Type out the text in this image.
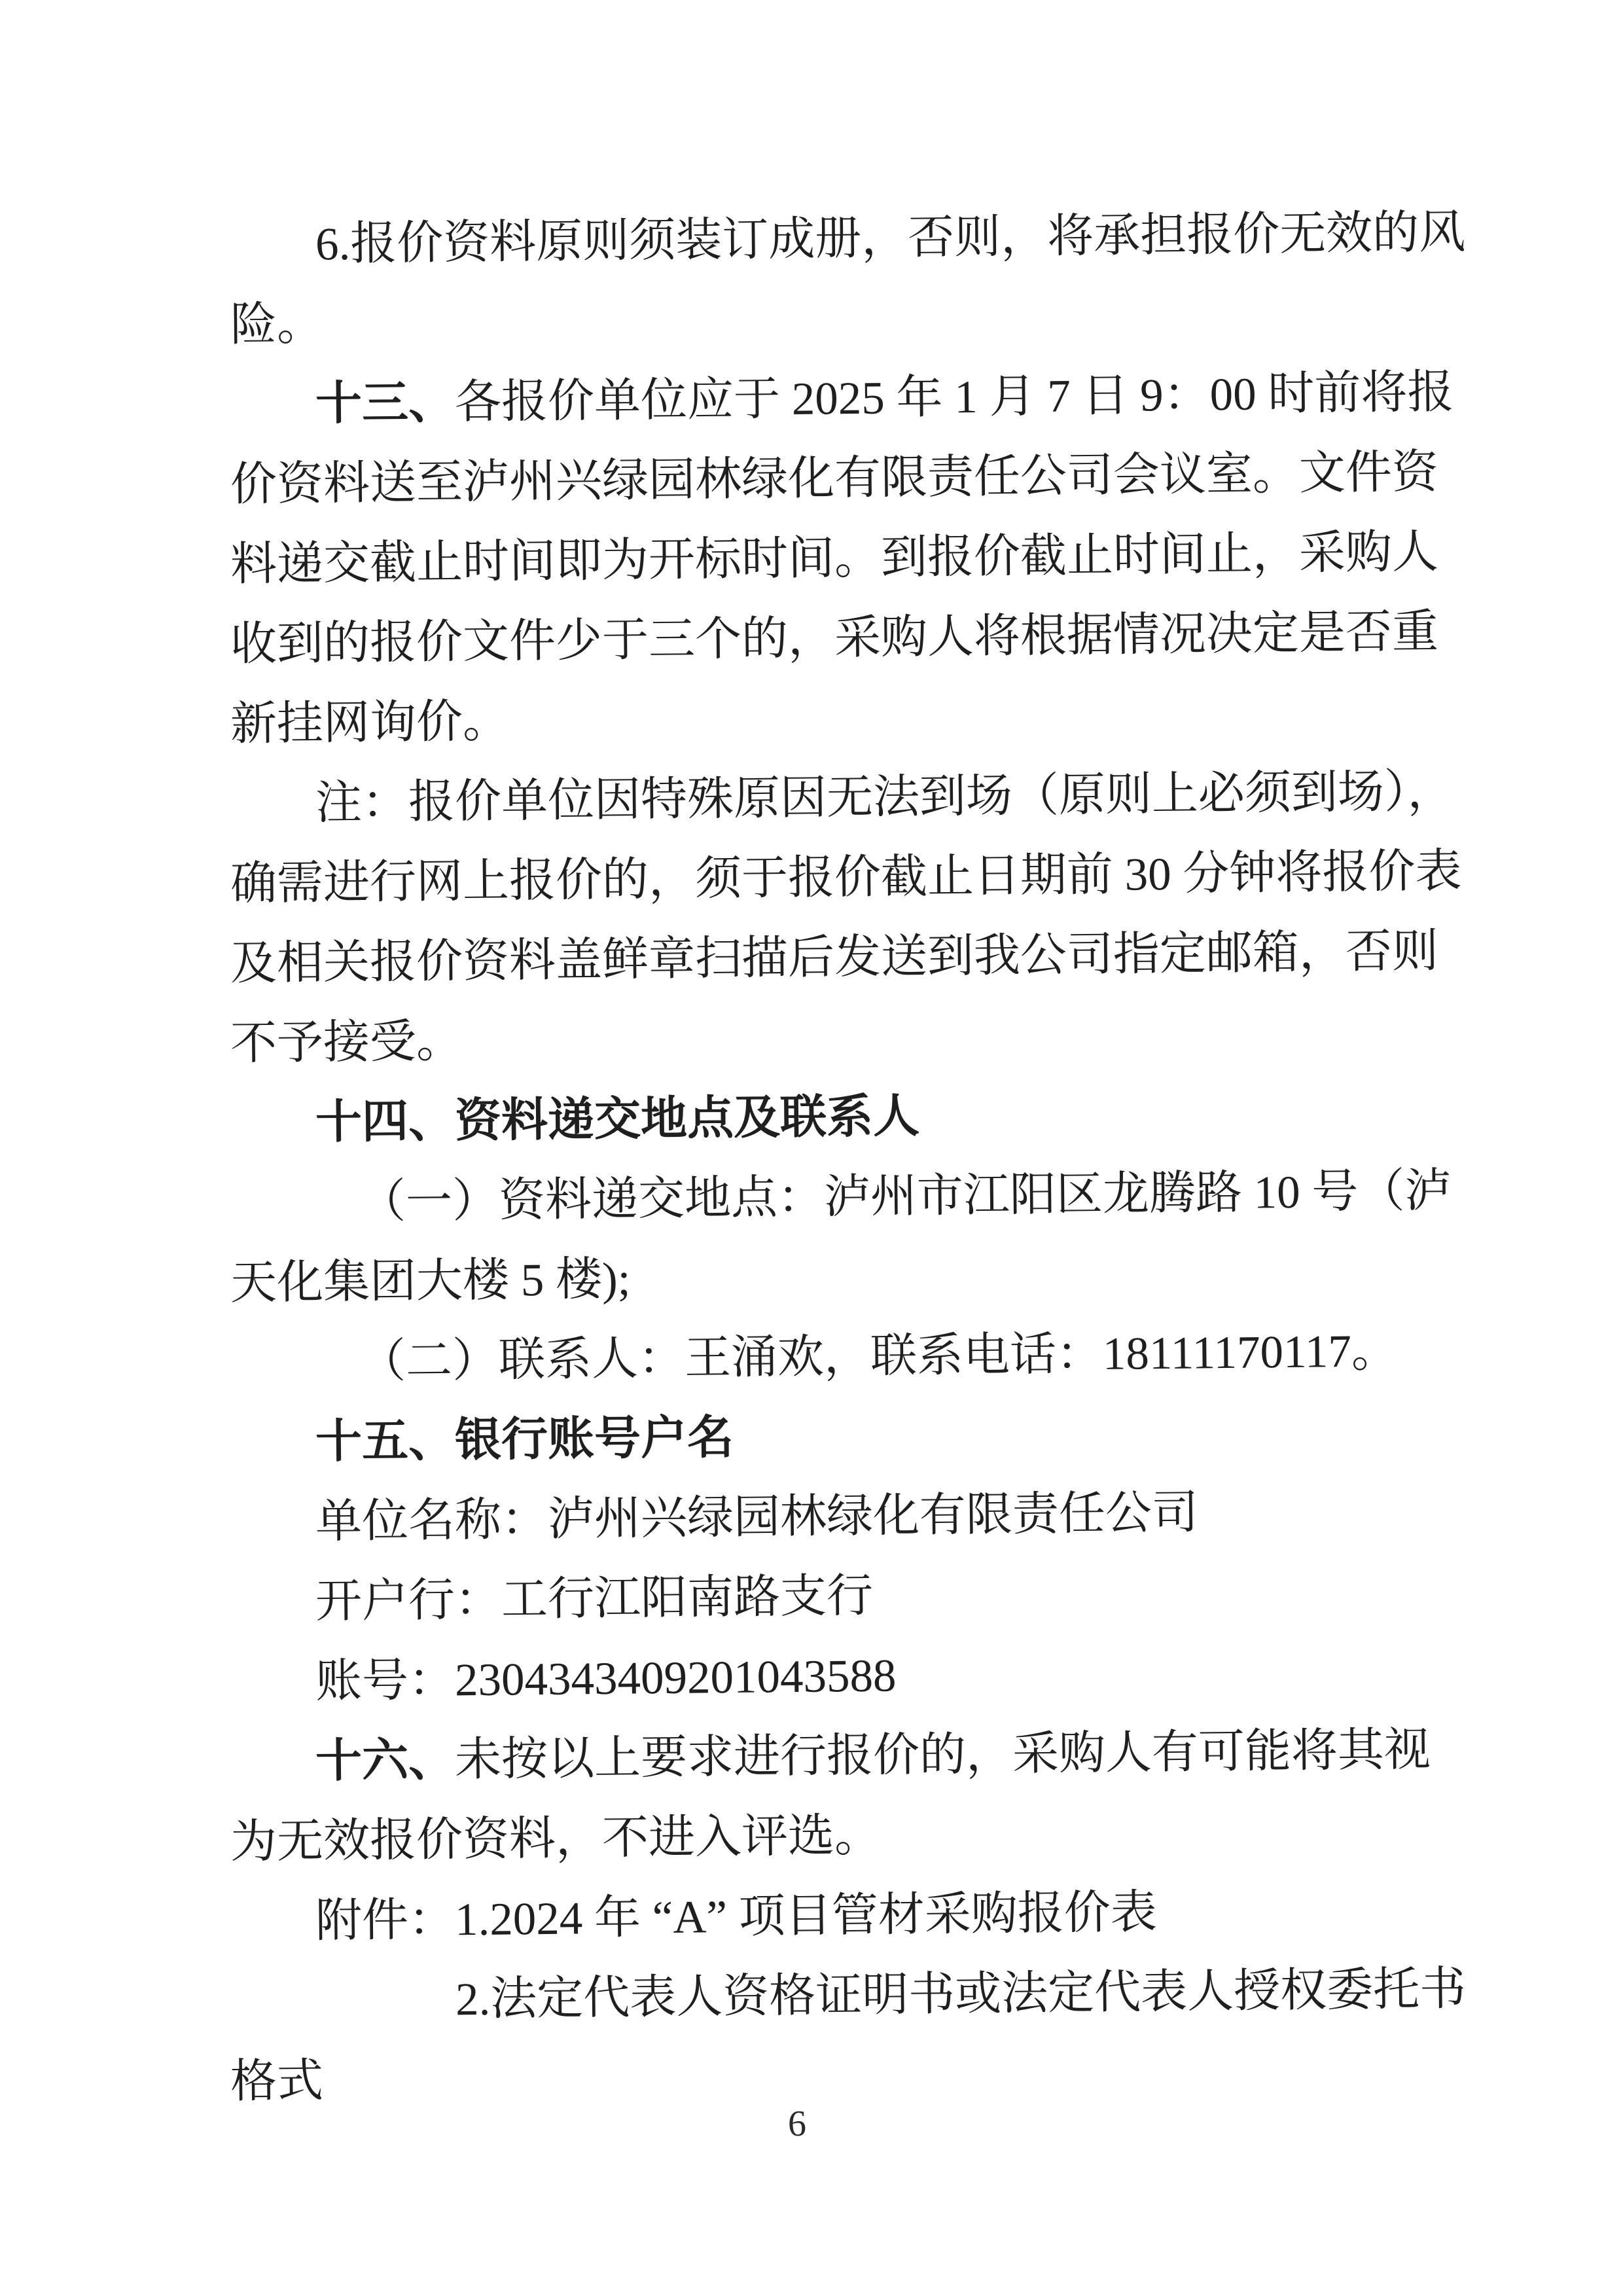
6.报价资料原则须装订成册，否则，将承担报价无效的风
险。
十三、各报价单位应于 2025 年 1 月 7 日 9：00 时前将报
价资料送至泸州兴绿园林绿化有限责任公司会议室。文件资
料递交截止时间即为开标时间。到报价截止时间止，采购人
收到的报价文件少于三个的，采购人将根据情况决定是否重
新挂网询价。
注：报价单位因特殊原因无法到场（原则上必须到场），
确需进行网上报价的，须于报价截止日期前 30 分钟将报价表
及相关报价资料盖鲜章扫描后发送到我公司指定邮箱，否则
不予接受。
十四、资料递交地点及联系人
（一）资料递交地点：泸州市江阳区龙腾路 10 号（泸
天化集团大楼 5 楼);
（二）联系人：王涌欢，联系电话：18111170117。
十五、银行账号户名
单位名称：泸州兴绿园林绿化有限责任公司
开户行：工行江阳南路支行
账号：2304343409201043588
十六、未按以上要求进行报价的，采购人有可能将其视
为无效报价资料，不进入评选。
附件：1.2024 年 “A” 项目管材采购报价表
2.法定代表人资格证明书或法定代表人授权委托书
格式
6
